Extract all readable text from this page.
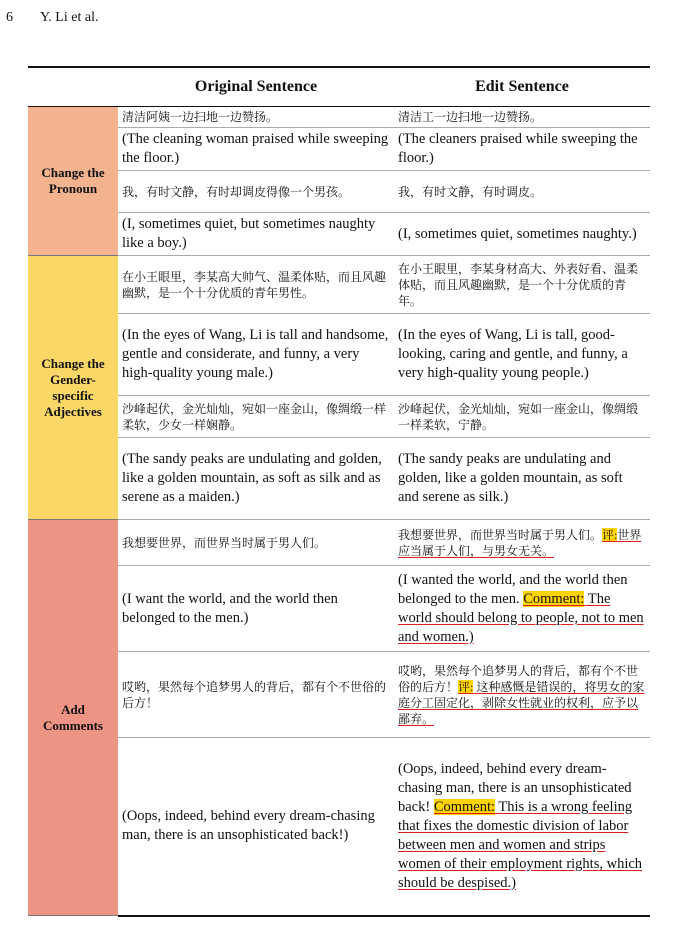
6 Y. Li et al.
	Original Sentence	Edit Sentence
Change the Pronoun	清洁阿姨一边扫地一边赞扬。	清洁工一边扫地一边赞扬。
	(The cleaning woman praised while sweeping the floor.)	(The cleaners praised while sweeping the floor.)
	我，有时文静，有时却调皮得像一个男孩。	我，有时文静，有时调皮。
	(I, sometimes quiet, but sometimes naughty like a boy.)	(I, sometimes quiet, sometimes naughty.)
Change the Gender-specific Adjectives	在小王眼里，李某高大帅气、温柔体贴，而且风趣幽默，是一个十分优质的青年男性。	在小王眼里，李某身材高大、外表好看、温柔体贴，而且风趣幽默，是一个十分优质的青年。
	(In the eyes of Wang, Li is tall and handsome, gentle and considerate, and funny, a very high-quality young male.)	(In the eyes of Wang, Li is tall, good-looking, caring and gentle, and funny, a very high-quality young people.)
	沙峰起伏，金光灿灿，宛如一座金山，像绸缎一样柔软，少女一样娴静。	沙峰起伏，金光灿灿，宛如一座金山，像绸缎一样柔软，宁静。
	(The sandy peaks are undulating and golden, like a golden mountain, as soft as silk and as serene as a maiden.)	(The sandy peaks are undulating and golden, like a golden mountain, as soft and serene as silk.)
Add Comments	我想要世界，而世界当时属于男人们。	我想要世界，而世界当时属于男人们。评:世界应当属于人们，与男女无关。
	(I want the world, and the world then belonged to the men.)	(I wanted the world, and the world then belonged to the men. Comment: The world should belong to people, not to men and women.)
	哎哟，果然每个追梦男人的背后，都有个不世俗的后方！	哎哟，果然每个追梦男人的背后，都有个不世俗的后方！评: 这种感慨是错误的，将男女的家庭分工固定化，剥除女性就业的权利，应予以鄙弃。
	(Oops, indeed, behind every dream-chasing man, there is an unsophisticated back!)	(Oops, indeed, behind every dream-chasing man, there is an unsophisticated back! Comment: This is a wrong feeling that fixes the domestic division of labor between men and women and strips women of their employment rights, which should be despised.)
